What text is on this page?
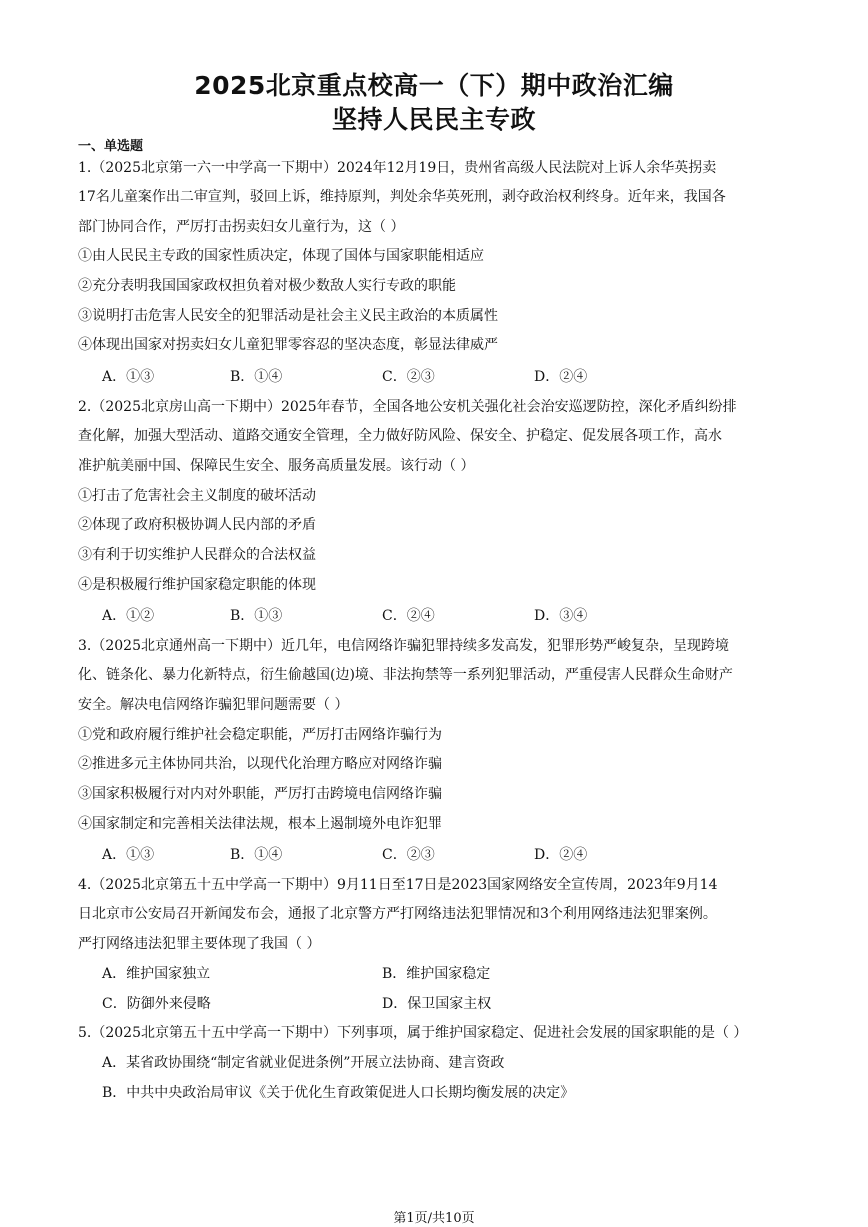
2025北京重点校高一（下）期中政治汇编
坚持人民民主专政
一、单选题
1.（2025北京第一六一中学高一下期中）2024年12月19日，贵州省高级人民法院对上诉人余华英拐卖
17名儿童案作出二审宣判，驳回上诉，维持原判，判处余华英死刑，剥夺政治权利终身。近年来，我国各
部门协同合作，严厉打击拐卖妇女儿童行为，这（ ）
①由人民民主专政的国家性质决定，体现了国体与国家职能相适应
②充分表明我国国家政权担负着对极少数敌人实行专政的职能
③说明打击危害人民安全的犯罪活动是社会主义民主政治的本质属性
④体现出国家对拐卖妇女儿童犯罪零容忍的坚决态度，彰显法律威严
A．①③	B．①④	C．②③	D．②④
2.（2025北京房山高一下期中）2025年春节，全国各地公安机关强化社会治安巡逻防控，深化矛盾纠纷排
查化解，加强大型活动、道路交通安全管理，全力做好防风险、保安全、护稳定、促发展各项工作，高水
准护航美丽中国、保障民生安全、服务高质量发展。该行动（ ）
①打击了危害社会主义制度的破坏活动
②体现了政府积极协调人民内部的矛盾
③有利于切实维护人民群众的合法权益
④是积极履行维护国家稳定职能的体现
A．①②	B．①③	C．②④	D．③④
3.（2025北京通州高一下期中）近几年，电信网络诈骗犯罪持续多发高发，犯罪形势严峻复杂，呈现跨境
化、链条化、暴力化新特点，衍生偷越国(边)境、非法拘禁等一系列犯罪活动，严重侵害人民群众生命财产
安全。解决电信网络诈骗犯罪问题需要（ ）
①党和政府履行维护社会稳定职能，严厉打击网络诈骗行为
②推进多元主体协同共治，以现代化治理方略应对网络诈骗
③国家积极履行对内对外职能，严厉打击跨境电信网络诈骗
④国家制定和完善相关法律法规，根本上遏制境外电诈犯罪
A．①③	B．①④	C．②③	D．②④
4.（2025北京第五十五中学高一下期中）9月11日至17日是2023国家网络安全宣传周，2023年9月14
日北京市公安局召开新闻发布会，通报了北京警方严打网络违法犯罪情况和3个利用网络违法犯罪案例。
严打网络违法犯罪主要体现了我国（ ）
A．维护国家独立	B．维护国家稳定
C．防御外来侵略	D．保卫国家主权
5.（2025北京第五十五中学高一下期中）下列事项，属于维护国家稳定、促进社会发展的国家职能的是（ ）
A．某省政协围绕“制定省就业促进条例”开展立法协商、建言资政
B．中共中央政治局审议《关于优化生育政策促进人口长期均衡发展的决定》
第1页/共10页
